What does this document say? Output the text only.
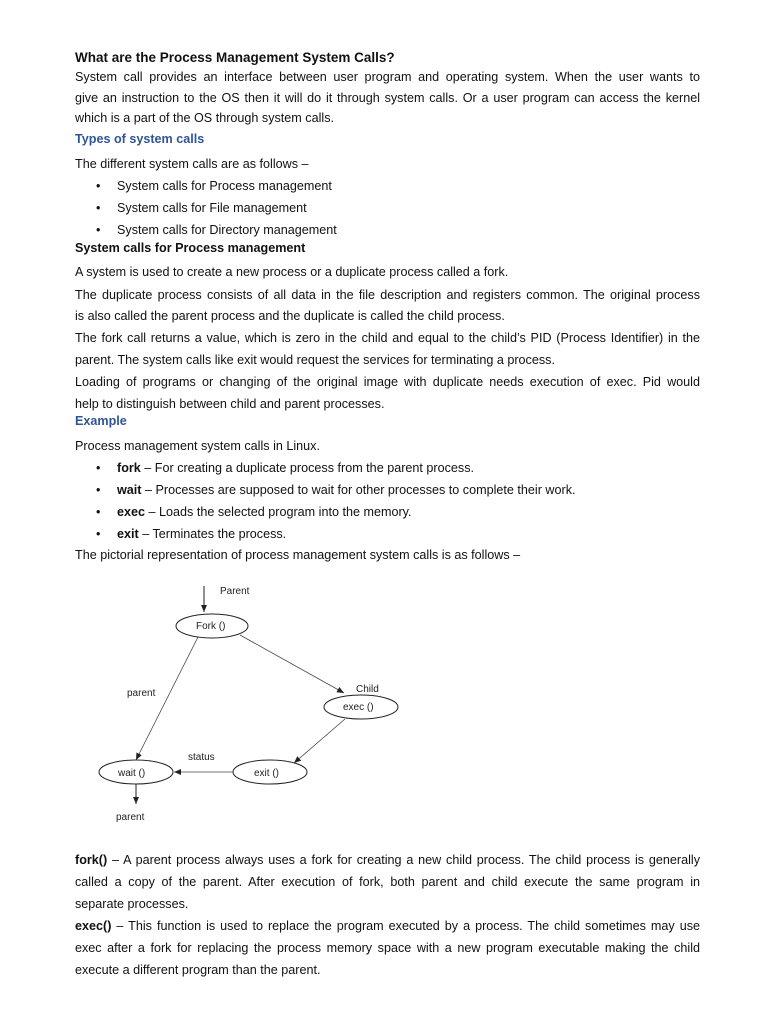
What are the Process Management System Calls?
System call provides an interface between user program and operating system. When the user wants to
give an instruction to the OS then it will do it through system calls. Or a user program can access the kernel
which is a part of the OS through system calls.
Types of system calls
The different system calls are as follows –
• System calls for Process management
• System calls for File management
• System calls for Directory management
System calls for Process management
A system is used to create a new process or a duplicate process called a fork.
The duplicate process consists of all data in the file description and registers common. The original process
is also called the parent process and the duplicate is called the child process.
The fork call returns a value, which is zero in the child and equal to the child’s PID (Process Identifier) in the
parent. The system calls like exit would request the services for terminating a process.
Loading of programs or changing of the original image with duplicate needs execution of exec. Pid would
help to distinguish between child and parent processes.
Example
Process management system calls in Linux.
• fork – For creating a duplicate process from the parent process.
• wait – Processes are supposed to wait for other processes to complete their work.
• exec – Loads the selected program into the memory.
• exit – Terminates the process.
The pictorial representation of process management system calls is as follows –
Parent
Fork ()
Child
parent
exec ()
exit ()
status
wait ()
parent
fork() – A parent process always uses a fork for creating a new child process. The child process is generally
called a copy of the parent. After execution of fork, both parent and child execute the same program in
separate processes.
exec() – This function is used to replace the program executed by a process. The child sometimes may use
exec after a fork for replacing the process memory space with a new program executable making the child
execute a different program than the parent.
